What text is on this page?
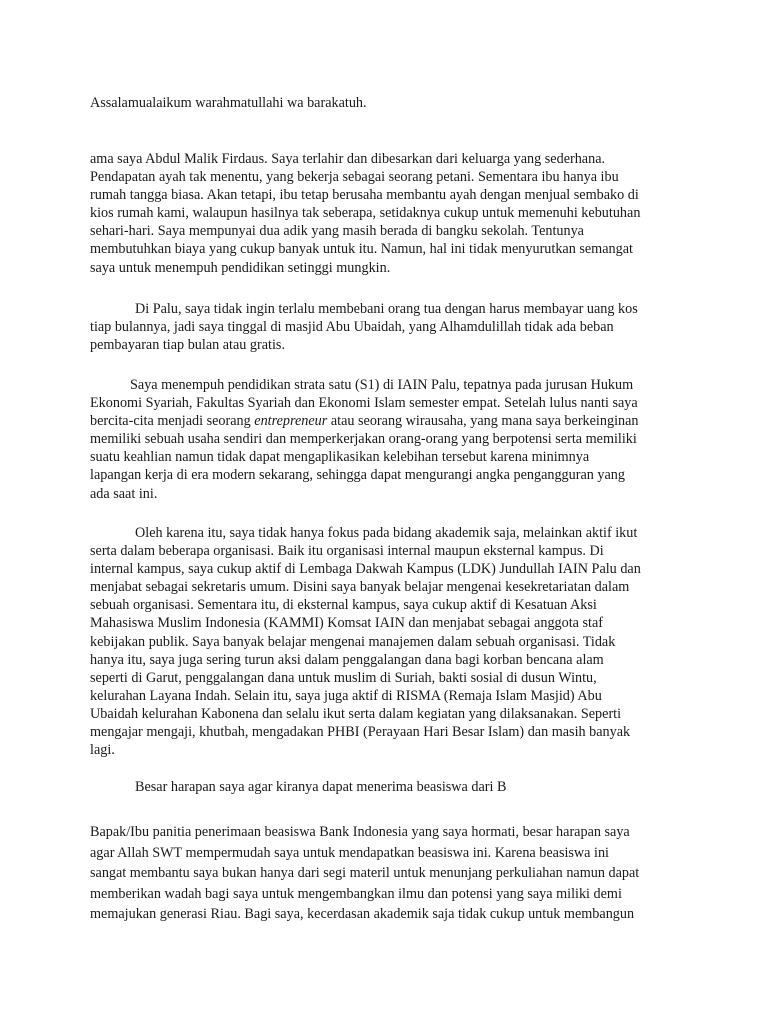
Assalamualaikum warahmatullahi wa barakatuh.

ama saya Abdul Malik Firdaus. Saya terlahir dan dibesarkan dari keluarga yang sederhana.
Pendapatan ayah tak menentu, yang bekerja sebagai seorang petani. Sementara ibu hanya ibu
rumah tangga biasa. Akan tetapi, ibu tetap berusaha membantu ayah dengan menjual sembako di
kios rumah kami, walaupun hasilnya tak seberapa, setidaknya cukup untuk memenuhi kebutuhan
sehari-hari. Saya mempunyai dua adik yang masih berada di bangku sekolah. Tentunya
membutuhkan biaya yang cukup banyak untuk itu. Namun, hal ini tidak menyurutkan semangat
saya untuk menempuh pendidikan setinggi mungkin.

Di Palu, saya tidak ingin terlalu membebani orang tua dengan harus membayar uang kos
tiap bulannya, jadi saya tinggal di masjid Abu Ubaidah, yang Alhamdulillah tidak ada beban
pembayaran tiap bulan atau gratis.

Saya menempuh pendidikan strata satu (S1) di IAIN Palu, tepatnya pada jurusan Hukum
Ekonomi Syariah, Fakultas Syariah dan Ekonomi Islam semester empat. Setelah lulus nanti saya
bercita-cita menjadi seorang entrepreneur atau seorang wirausaha, yang mana saya berkeinginan
memiliki sebuah usaha sendiri dan memperkerjakan orang-orang yang berpotensi serta memiliki
suatu keahlian namun tidak dapat mengaplikasikan kelebihan tersebut karena minimnya
lapangan kerja di era modern sekarang, sehingga dapat mengurangi angka pengangguran yang
ada saat ini.

Oleh karena itu, saya tidak hanya fokus pada bidang akademik saja, melainkan aktif ikut
serta dalam beberapa organisasi. Baik itu organisasi internal maupun eksternal kampus. Di
internal kampus, saya cukup aktif di Lembaga Dakwah Kampus (LDK) Jundullah IAIN Palu dan
menjabat sebagai sekretaris umum. Disini saya banyak belajar mengenai kesekretariatan dalam
sebuah organisasi. Sementara itu, di eksternal kampus, saya cukup aktif di Kesatuan Aksi
Mahasiswa Muslim Indonesia (KAMMI) Komsat IAIN dan menjabat sebagai anggota staf
kebijakan publik. Saya banyak belajar mengenai manajemen dalam sebuah organisasi. Tidak
hanya itu, saya juga sering turun aksi dalam penggalangan dana bagi korban bencana alam
seperti di Garut, penggalangan dana untuk muslim di Suriah, bakti sosial di dusun Wintu,
kelurahan Layana Indah. Selain itu, saya juga aktif di RISMA (Remaja Islam Masjid) Abu
Ubaidah kelurahan Kabonena dan selalu ikut serta dalam kegiatan yang dilaksanakan. Seperti
mengajar mengaji, khutbah, mengadakan PHBI (Perayaan Hari Besar Islam) dan masih banyak
lagi.

Besar harapan saya agar kiranya dapat menerima beasiswa dari B

Bapak/Ibu panitia penerimaan beasiswa Bank Indonesia yang saya hormati, besar harapan saya
agar Allah SWT mempermudah saya untuk mendapatkan beasiswa ini. Karena beasiswa ini
sangat membantu saya bukan hanya dari segi materil untuk menunjang perkuliahan namun dapat
memberikan wadah bagi saya untuk mengembangkan ilmu dan potensi yang saya miliki demi
memajukan generasi Riau. Bagi saya, kecerdasan akademik saja tidak cukup untuk membangun
